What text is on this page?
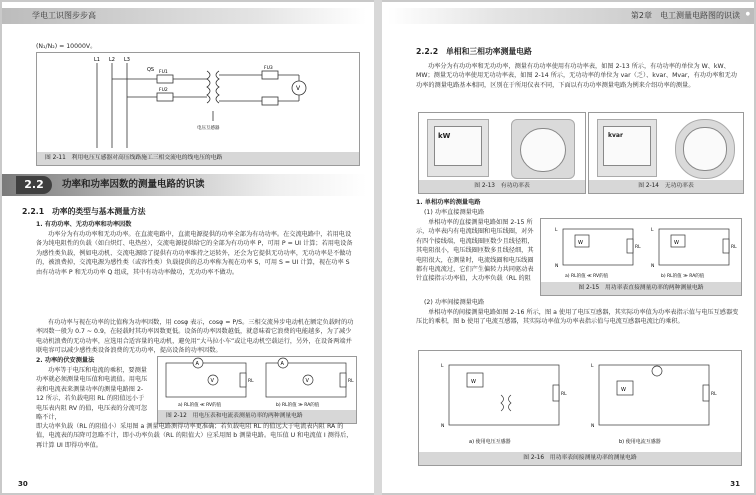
学电工识图步步高
(N₁/N₂) = 10000V。
L1 L2 L3
QS FU1
FU2
FU3
V
电压互感器
图 2-11　利用电压互感器对高压线路施工三相交流电的线电压的电路
2.2	功率和功率因数的测量电路的识读
2.2.1　功率的类型与基本测量方法
1. 有功功率、无功功率和功率因数
功率分为有功功率和无功功率。在直流电路中，直流电源提供的功率全部为有功功率。在交流电路中，若用电设备为纯电阻性的负载（如白炽灯、电热丝），交流电源提供给它的全部为有功功率 P，可用 P = UI 计算；若用电设备为感性类负载，例如电动机、交流电源除了提供有功功率维持之运转外，还会为它提供无功功率，无功功率是不做功的，被浪费掉，交流电源为感性类（或容性类）负载提供的总功率称为视在功率 S，可用 S = UI 计算，视在功率 S 由有功功率 P 和无功功率 Q 组成，其中有功功率做功，无功功率不做功。
有功功率与视在功率的比值称为功率因数，用 cosφ 表示，cosφ = P/S。三相交流异步电动机在额定负载时的功率因数一般为 0.7 ~ 0.9，在轻载时其功率因数更低。设备的功率因数越低，就意味着它浪费的电能越多，为了减少电动机浪费的无功功率，应选用合适容量的电动机，避免用“大马拉小车”或让电动机空载运行，另外，在设备两端并联电容可以减少感性类设备浪费的无功功率，提高设备的功率因数。
2. 功率的伏安测量法
功率等于电压和电流的乘积，要测量功率就必须测量电压值和电流值。用电压表和电流表来测量功率的测量电路图 2-12 所示，若负载电阻 RL 的阻值远小于电压表内阻 RV 的值，电压表的分流可忽略不计，
A
V	RL
A
V	RL
a) RL的值 ≪ RV的值	b) RL的值 ≫ RA的值
图 2-12　用电压表和电流表测量功率的两种测量电路
即大功率负载（RL 的阻值小）采用图 a 测量电路测得功率更准确；若负载电阻 RL 的值远大于电流表内阻 RA 的值，电流表的压降可忽略不计，即小功率负载（RL 的阻值大）应采用图 b 测量电路。电压值 U 和电流值 I 测得后，再计算 UI 即得功率值。
30
第2章　电工测量电路图的识读	●
2.2.2　单相和三相功率测量电路
功率分为有功功率和无功功率，测量有功功率使用有功功率表，如图 2-13 所示，有功功率的单位为 W、kW、MW；测量无功功率使用无功功率表，如图 2-14 所示，无功功率的单位为 var（乏）、kvar、Mvar，有功功率和无功功率的测量电路基本相同，区别在于所用仪表不同，下面以有功功率测量电路为例来介绍功率的测量。
kW
图 2-13　有功功率表
kvar
图 2-14　无功功率表
1. 单相功率的测量电路
(1) 功率直接测量电路
单相功率的直接测量电路如图 2-15 所示，功率表内有电流线圈和电压线圈，对外有四个接线端，电流线圈匝数少且线径粗，其电阻很小，电压线圈匝数多且线径细，其电阻很大，在测量时，电流线圈和电压线圈都有电流流过，它们产生偏转力共同驱动表针直接指示功率值，大功率负载（RL 的阻
L
N
W
RL
L
N
W
RL
a) RL的值 ≪ RV的值	b) RL的值 ≫ RA的值
图 2-15　用功率表直接测量功率的两种测量电路
(2) 功率间接测量电路
单相功率的间接测量电路如图 2-16 所示，图 a 使用了电压互感器，其实际功率值为功率表指示值与电压互感器变压比的乘积，图 b 使用了电流互感器，其实际功率值为功率表指示值与电流互感器电流比的乘积。
L
N
W
RL
L
N
W
RL
a) 使用电压互感器	b) 使用电流互感器
图 2-16　用功率表间接测量功率的测量电路
31
